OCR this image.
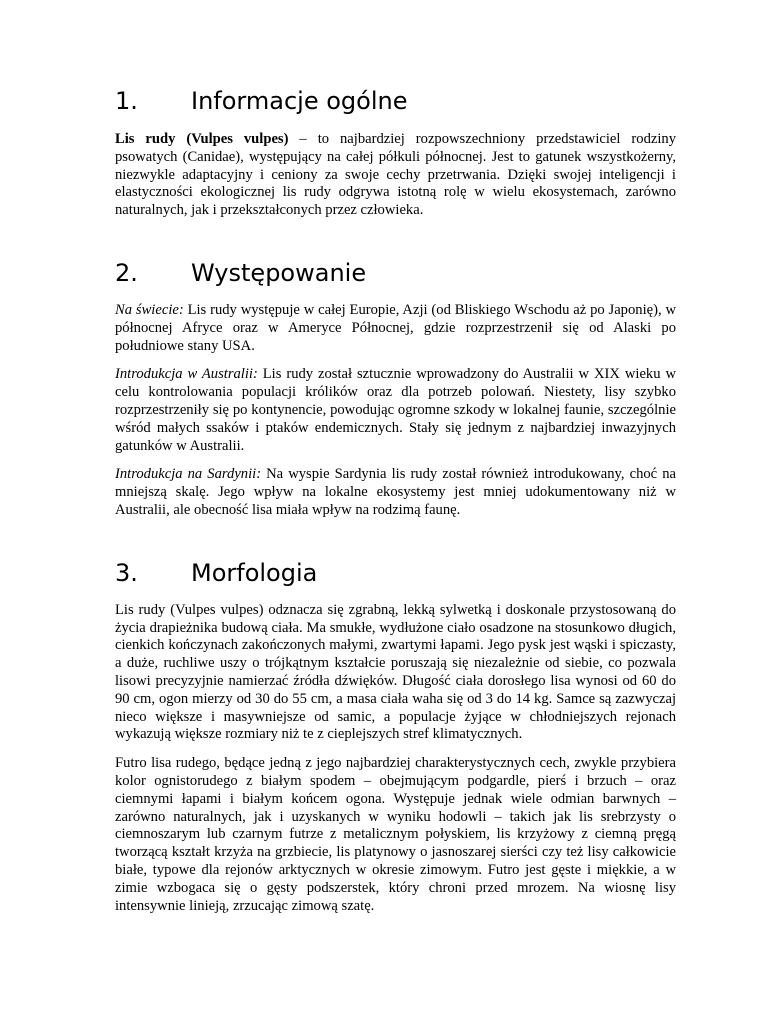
1. Informacje ogólne

Lis rudy (Vulpes vulpes) – to najbardziej rozpowszechniony przedstawiciel rodziny psowatych (Canidae), występujący na całej półkuli północnej. Jest to gatunek wszystkożerny, niezwykle adaptacyjny i ceniony za swoje cechy przetrwania. Dzięki swojej inteligencji i elastyczności ekologicznej lis rudy odgrywa istotną rolę w wielu ekosystemach, zarówno naturalnych, jak i przekształconych przez człowieka.

2. Występowanie

Na świecie: Lis rudy występuje w całej Europie, Azji (od Bliskiego Wschodu aż po Japonię), w północnej Afryce oraz w Ameryce Północnej, gdzie rozprzestrzenił się od Alaski po południowe stany USA.

Introdukcja w Australii: Lis rudy został sztucznie wprowadzony do Australii w XIX wieku w celu kontrolowania populacji królików oraz dla potrzeb polowań. Niestety, lisy szybko rozprzestrzeniły się po kontynencie, powodując ogromne szkody w lokalnej faunie, szczególnie wśród małych ssaków i ptaków endemicznych. Stały się jednym z najbardziej inwazyjnych gatunków w Australii.

Introdukcja na Sardynii: Na wyspie Sardynia lis rudy został również introdukowany, choć na mniejszą skalę. Jego wpływ na lokalne ekosystemy jest mniej udokumentowany niż w Australii, ale obecność lisa miała wpływ na rodzimą faunę.

3. Morfologia

Lis rudy (Vulpes vulpes) odznacza się zgrabną, lekką sylwetką i doskonale przystosowaną do życia drapieżnika budową ciała. Ma smukłe, wydłużone ciało osadzone na stosunkowo długich, cienkich kończynach zakończonych małymi, zwartymi łapami. Jego pysk jest wąski i spiczasty, a duże, ruchliwe uszy o trójkątnym kształcie poruszają się niezależnie od siebie, co pozwala lisowi precyzyjnie namierzać źródła dźwięków. Długość ciała dorosłego lisa wynosi od 60 do 90 cm, ogon mierzy od 30 do 55 cm, a masa ciała waha się od 3 do 14 kg. Samce są zazwyczaj nieco większe i masywniejsze od samic, a populacje żyjące w chłodniejszych rejonach wykazują większe rozmiary niż te z cieplejszych stref klimatycznych.

Futro lisa rudego, będące jedną z jego najbardziej charakterystycznych cech, zwykle przybiera kolor ognistorudego z białym spodem – obejmującym podgardle, pierś i brzuch – oraz ciemnymi łapami i białym końcem ogona. Występuje jednak wiele odmian barwnych – zarówno naturalnych, jak i uzyskanych w wyniku hodowli – takich jak lis srebrzysty o ciemnoszarym lub czarnym futrze z metalicznym połyskiem, lis krzyżowy z ciemną pręgą tworzącą kształt krzyża na grzbiecie, lis platynowy o jasnoszarej sierści czy też lisy całkowicie białe, typowe dla rejonów arktycznych w okresie zimowym. Futro jest gęste i miękkie, a w zimie wzbogaca się o gęsty podszerstek, który chroni przed mrozem. Na wiosnę lisy intensywnie linieją, zrzucając zimową szatę.
